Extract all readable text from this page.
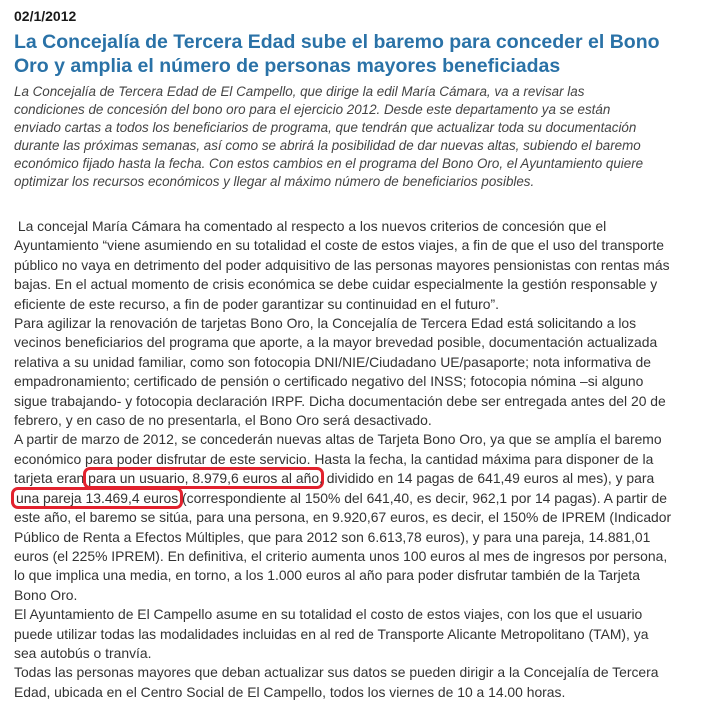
02/1/2012
La Concejalía de Tercera Edad sube el baremo para conceder el Bono Oro y amplia el número de personas mayores beneficiadas
La Concejalía de Tercera Edad de El Campello, que dirige la edil María Cámara, va a revisar las
condiciones de concesión del bono oro para el ejercicio 2012. Desde este departamento ya se están
enviado cartas a todos los beneficiarios de programa, que tendrán que actualizar toda su documentación
durante las próximas semanas, así como se abrirá la posibilidad de dar nuevas altas, subiendo el baremo
económico fijado hasta la fecha. Con estos cambios en el programa del Bono Oro, el Ayuntamiento quiere
optimizar los recursos económicos y llegar al máximo número de beneficiarios posibles.
La concejal María Cámara ha comentado al respecto a los nuevos criterios de concesión que el
Ayuntamiento “viene asumiendo en su totalidad el coste de estos viajes, a fin de que el uso del transporte
público no vaya en detrimento del poder adquisitivo de las personas mayores pensionistas con rentas más
bajas. En el actual momento de crisis económica se debe cuidar especialmente la gestión responsable y
eficiente de este recurso, a fin de poder garantizar su continuidad en el futuro”.
Para agilizar la renovación de tarjetas Bono Oro, la Concejalía de Tercera Edad está solicitando a los
vecinos beneficiarios del programa que aporte, a la mayor brevedad posible, documentación actualizada
relativa a su unidad familiar, como son fotocopia DNI/NIE/Ciudadano UE/pasaporte; nota informativa de
empadronamiento; certificado de pensión o certificado negativo del INSS; fotocopia nómina –si alguno
sigue trabajando- y fotocopia declaración IRPF. Dicha documentación debe ser entregada antes del 20 de
febrero, y en caso de no presentarla, el Bono Oro será desactivado.
A partir de marzo de 2012, se concederán nuevas altas de Tarjeta Bono Oro, ya que se amplía el baremo
económico para poder disfrutar de este servicio. Hasta la fecha, la cantidad máxima para disponer de la
tarjeta eran para un usuario, 8.979,6 euros al año, dividido en 14 pagas de 641,49 euros al mes), y para
una pareja 13.469,4 euros (correspondiente al 150% del 641,40, es decir, 962,1 por 14 pagas). A partir de
este año, el baremo se sitúa, para una persona, en 9.920,67 euros, es decir, el 150% de IPREM (Indicador
Público de Renta a Efectos Múltiples, que para 2012 son 6.613,78 euros), y para una pareja, 14.881,01
euros (el 225% IPREM). En definitiva, el criterio aumenta unos 100 euros al mes de ingresos por persona,
lo que implica una media, en torno, a los 1.000 euros al año para poder disfrutar también de la Tarjeta
Bono Oro.
El Ayuntamiento de El Campello asume en su totalidad el costo de estos viajes, con los que el usuario
puede utilizar todas las modalidades incluidas en al red de Transporte Alicante Metropolitano (TAM), ya
sea autobús o tranvía.
Todas las personas mayores que deban actualizar sus datos se pueden dirigir a la Concejalía de Tercera
Edad, ubicada en el Centro Social de El Campello, todos los viernes de 10 a 14.00 horas.
